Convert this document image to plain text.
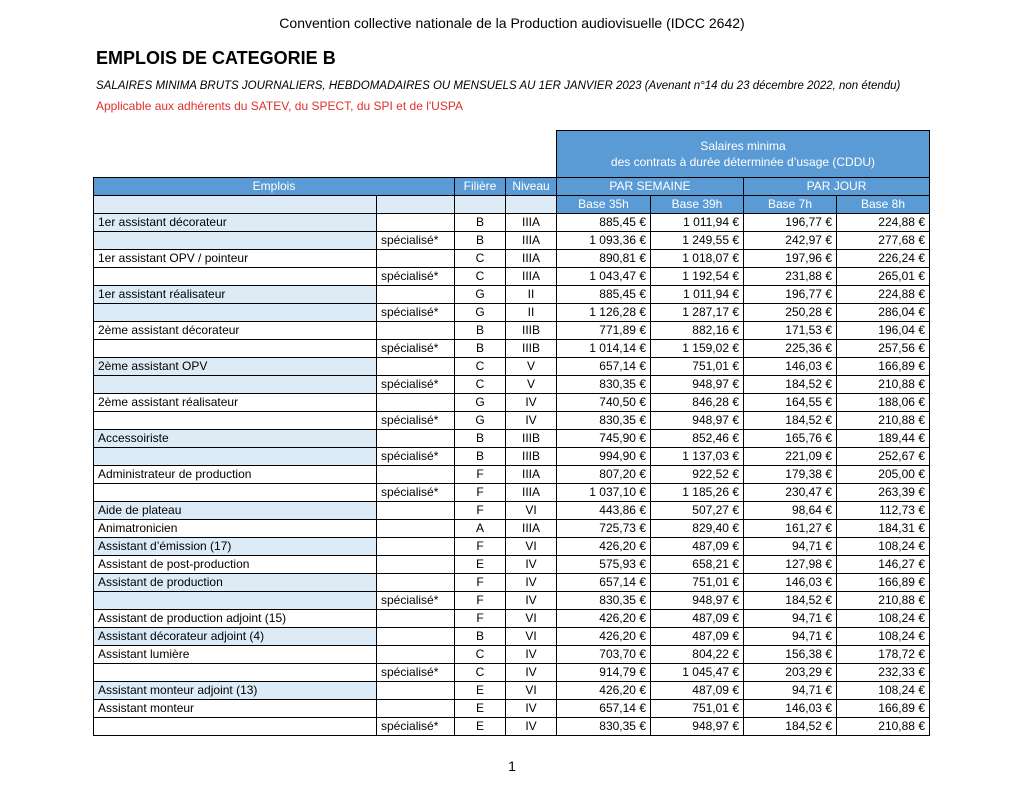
Convention collective nationale de la Production audiovisuelle (IDCC 2642)
EMPLOIS DE CATEGORIE B
SALAIRES MINIMA BRUTS JOURNALIERS, HEBDOMADAIRES OU MENSUELS AU 1ER JANVIER 2023 (Avenant n°14 du 23 décembre 2022, non étendu)
Applicable aux adhérents du SATEV, du SPECT, du SPI et de l'USPA

				Salaires minima
des contrats à durée déterminée d’usage (CDDU)			

Emplois		Filière	Niveau	PAR SEMAINE		PAR JOUR	
				Base 35h	Base 39h	Base 7h	Base 8h
1er assistant décorateur		B	IIIA	885,45 €	1 011,94 €	196,77 €	224,88 €
	spécialisé*	B	IIIA	1 093,36 €	1 249,55 €	242,97 €	277,68 €
1er assistant OPV / pointeur		C	IIIA	890,81 €	1 018,07 €	197,96 €	226,24 €
	spécialisé*	C	IIIA	1 043,47 €	1 192,54 €	231,88 €	265,01 €
1er assistant réalisateur		G	II	885,45 €	1 011,94 €	196,77 €	224,88 €
	spécialisé*	G	II	1 126,28 €	1 287,17 €	250,28 €	286,04 €
2ème assistant décorateur		B	IIIB	771,89 €	882,16 €	171,53 €	196,04 €
	spécialisé*	B	IIIB	1 014,14 €	1 159,02 €	225,36 €	257,56 €
2ème assistant OPV		C	V	657,14 €	751,01 €	146,03 €	166,89 €
	spécialisé*	C	V	830,35 €	948,97 €	184,52 €	210,88 €
2ème assistant réalisateur		G	IV	740,50 €	846,28 €	164,55 €	188,06 €
	spécialisé*	G	IV	830,35 €	948,97 €	184,52 €	210,88 €
Accessoiriste		B	IIIB	745,90 €	852,46 €	165,76 €	189,44 €
	spécialisé*	B	IIIB	994,90 €	1 137,03 €	221,09 €	252,67 €
Administrateur de production		F	IIIA	807,20 €	922,52 €	179,38 €	205,00 €
	spécialisé*	F	IIIA	1 037,10 €	1 185,26 €	230,47 €	263,39 €
Aide de plateau		F	VI	443,86 €	507,27 €	98,64 €	112,73 €
Animatronicien		A	IIIA	725,73 €	829,40 €	161,27 €	184,31 €
Assistant d’émission (17)		F	VI	426,20 €	487,09 €	94,71 €	108,24 €
Assistant de post-production		E	IV	575,93 €	658,21 €	127,98 €	146,27 €
Assistant de production		F	IV	657,14 €	751,01 €	146,03 €	166,89 €
	spécialisé*	F	IV	830,35 €	948,97 €	184,52 €	210,88 €
Assistant de production adjoint (15)		F	VI	426,20 €	487,09 €	94,71 €	108,24 €
Assistant décorateur adjoint (4)		B	VI	426,20 €	487,09 €	94,71 €	108,24 €
Assistant lumière		C	IV	703,70 €	804,22 €	156,38 €	178,72 €
	spécialisé*	C	IV	914,79 €	1 045,47 €	203,29 €	232,33 €
Assistant monteur adjoint (13)		E	VI	426,20 €	487,09 €	94,71 €	108,24 €
Assistant monteur		E	IV	657,14 €	751,01 €	146,03 €	166,89 €
	spécialisé*	E	IV	830,35 €	948,97 €	184,52 €	210,88 €
1
